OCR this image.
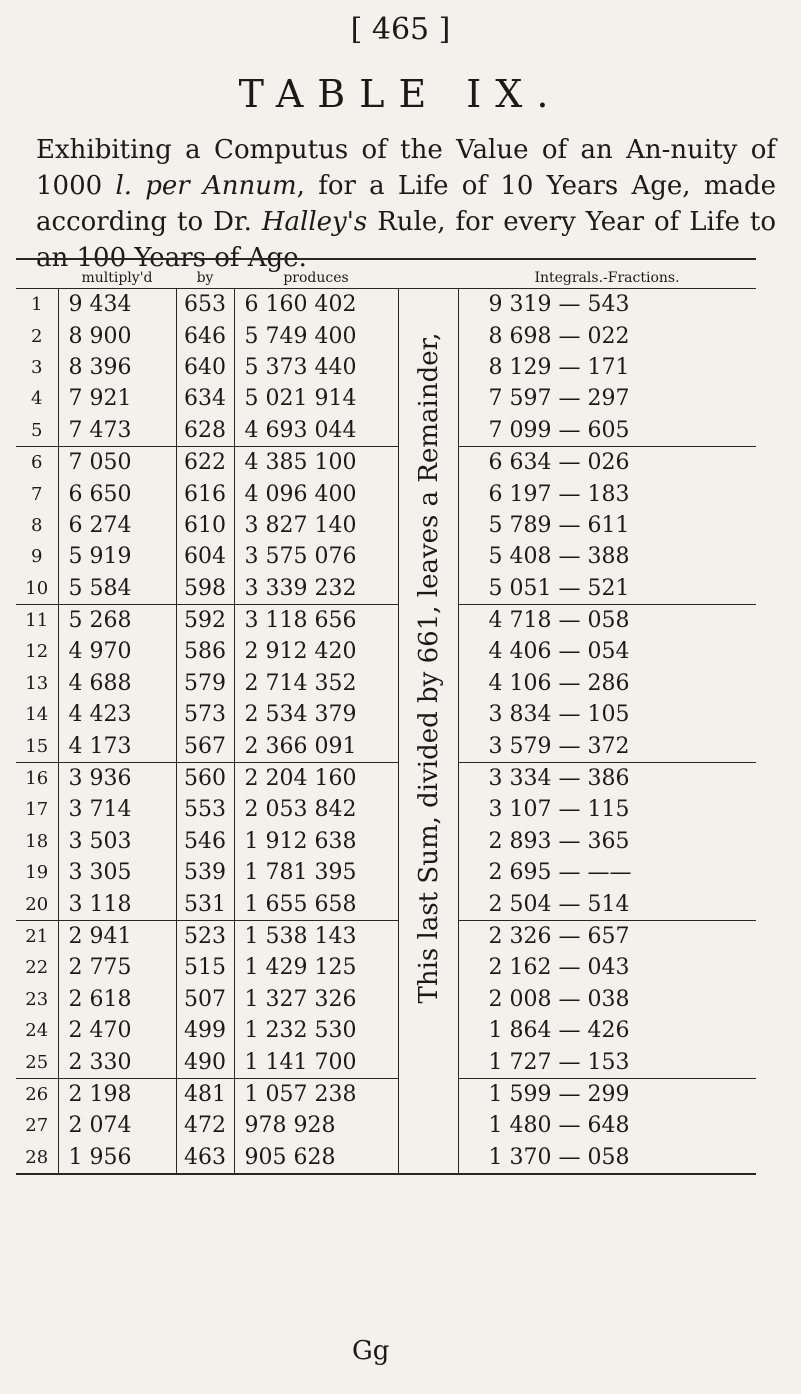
[ 465 ]
TABLE IX.
Exhibiting a Computus of the Value of an An-nuity of 1000 l. per Annum, for a Life of 10 Years Age, made according to Dr. Halley's Rule, for every Year of Life to an 100 Years of Age.
	multiply'd	by	produces		Integrals.-Fractions.
1	9 434	653	6 160 402	This last Sum, divided by 661, leaves a Remainder,	9 319 — 543
2	8 900	646	5 749 400		8 698 — 022
3	8 396	640	5 373 440		8 129 — 171
4	7 921	634	5 021 914		7 597 — 297
5	7 473	628	4 693 044		7 099 — 605
6	7 050	622	4 385 100		6 634 — 026
7	6 650	616	4 096 400		6 197 — 183
8	6 274	610	3 827 140		5 789 — 611
9	5 919	604	3 575 076		5 408 — 388
10	5 584	598	3 339 232		5 051 — 521
11	5 268	592	3 118 656		4 718 — 058
12	4 970	586	2 912 420		4 406 — 054
13	4 688	579	2 714 352		4 106 — 286
14	4 423	573	2 534 379		3 834 — 105
15	4 173	567	2 366 091		3 579 — 372
16	3 936	560	2 204 160		3 334 — 386
17	3 714	553	2 053 842		3 107 — 115
18	3 503	546	1 912 638		2 893 — 365
19	3 305	539	1 781 395		2 695 — ——
20	3 118	531	1 655 658		2 504 — 514
21	2 941	523	1 538 143		2 326 — 657
22	2 775	515	1 429 125		2 162 — 043
23	2 618	507	1 327 326		2 008 — 038
24	2 470	499	1 232 530		1 864 — 426
25	2 330	490	1 141 700		1 727 — 153
26	2 198	481	1 057 238		1 599 — 299
27	2 074	472	978 928		1 480 — 648
28	1 956	463	905 628		1 370 — 058
Gg
